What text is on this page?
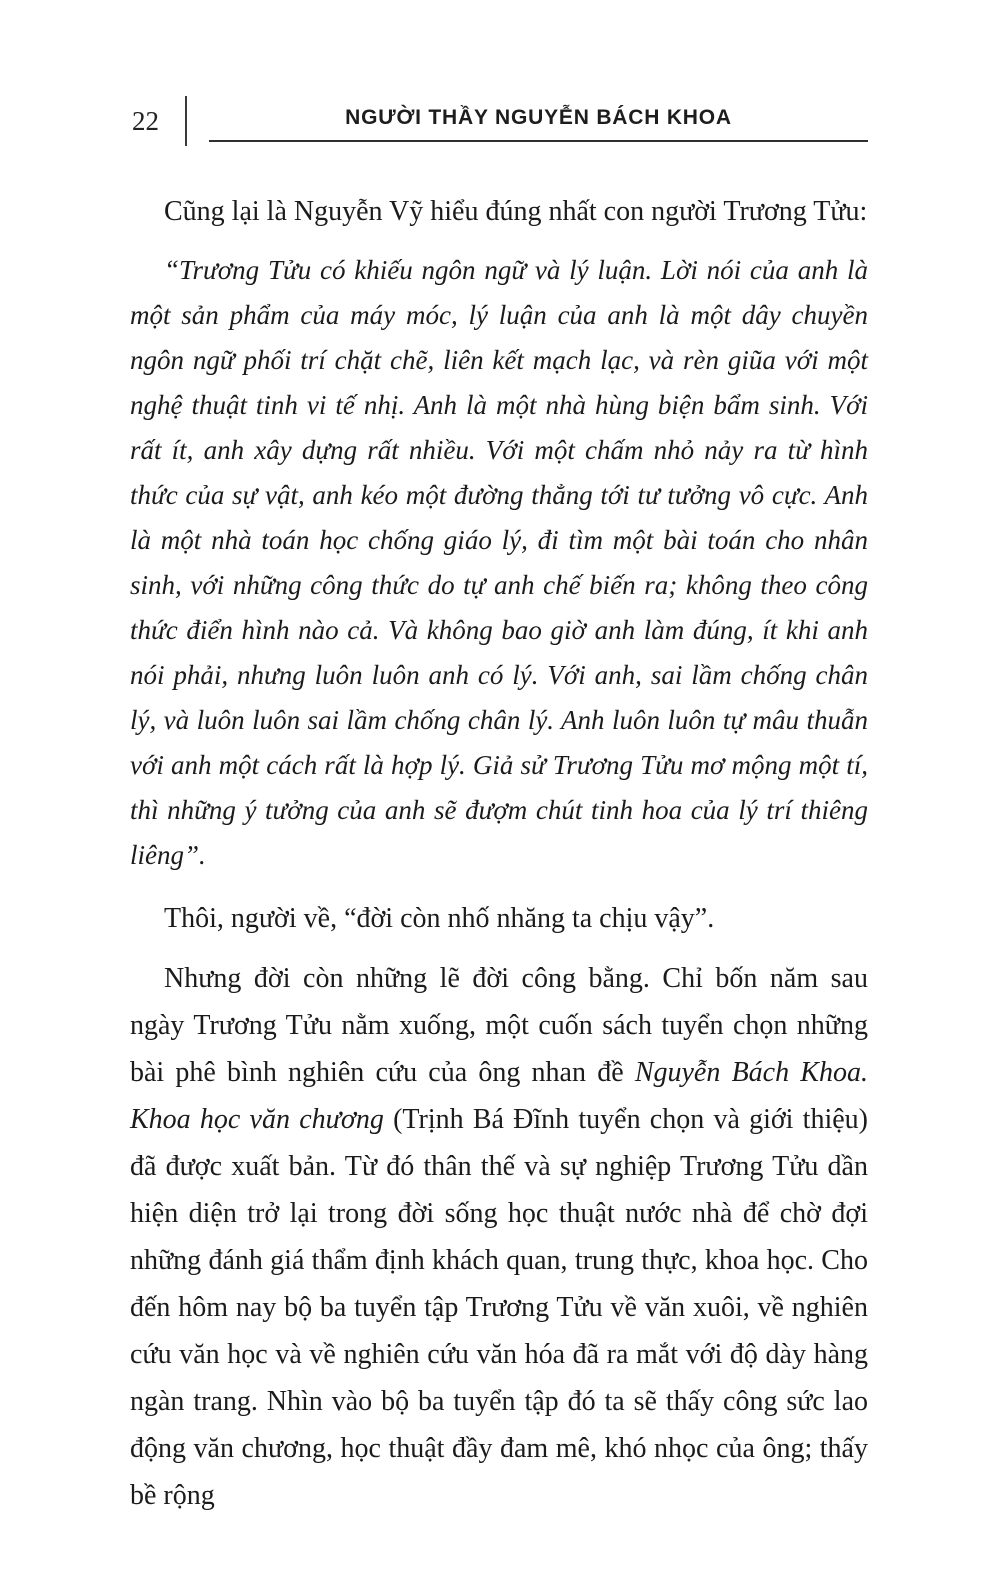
22	NGƯỜI THẦY NGUYỄN BÁCH KHOA

Cũng lại là Nguyễn Vỹ hiểu đúng nhất con người Trương Tửu:

“Trương Tửu có khiếu ngôn ngữ và lý luận. Lời nói của anh là một sản phẩm của máy móc, lý luận của anh là một dây chuyền ngôn ngữ phối trí chặt chẽ, liên kết mạch lạc, và rèn giũa với một nghệ thuật tinh vi tế nhị. Anh là một nhà hùng biện bẩm sinh. Với rất ít, anh xây dựng rất nhiều. Với một chấm nhỏ nảy ra từ hình thức của sự vật, anh kéo một đường thẳng tới tư tưởng vô cực. Anh là một nhà toán học chống giáo lý, đi tìm một bài toán cho nhân sinh, với những công thức do tự anh chế biến ra; không theo công thức điển hình nào cả. Và không bao giờ anh làm đúng, ít khi anh nói phải, nhưng luôn luôn anh có lý. Với anh, sai lầm chống chân lý, và luôn luôn sai lầm chống chân lý. Anh luôn luôn tự mâu thuẫn với anh một cách rất là hợp lý. Giả sử Trương Tửu mơ mộng một tí, thì những ý tưởng của anh sẽ đượm chút tinh hoa của lý trí thiêng liêng”.

Thôi, người về, “đời còn nhố nhăng ta chịu vậy”.

Nhưng đời còn những lẽ đời công bằng. Chỉ bốn năm sau ngày Trương Tửu nằm xuống, một cuốn sách tuyển chọn những bài phê bình nghiên cứu của ông nhan đề Nguyễn Bách Khoa. Khoa học văn chương (Trịnh Bá Đĩnh tuyển chọn và giới thiệu) đã được xuất bản. Từ đó thân thế và sự nghiệp Trương Tửu dần hiện diện trở lại trong đời sống học thuật nước nhà để chờ đợi những đánh giá thẩm định khách quan, trung thực, khoa học. Cho đến hôm nay bộ ba tuyển tập Trương Tửu về văn xuôi, về nghiên cứu văn học và về nghiên cứu văn hóa đã ra mắt với độ dày hàng ngàn trang. Nhìn vào bộ ba tuyển tập đó ta sẽ thấy công sức lao động văn chương, học thuật đầy đam mê, khó nhọc của ông; thấy bề rộng
